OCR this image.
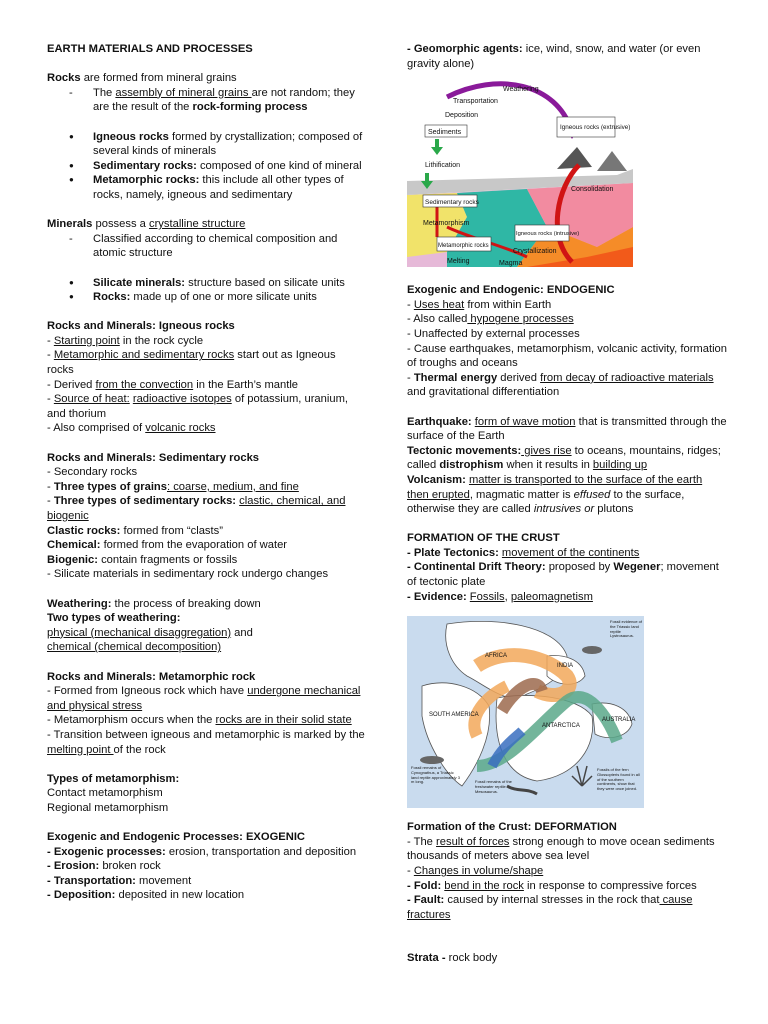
EARTH MATERIALS AND PROCESSES

Rocks are formed from mineral grains

- The assembly of mineral grains are not random; they are the result of the rock-forming process

● Igneous rocks formed by crystallization; composed of several kinds of minerals

● Sedimentary rocks: composed of one kind of mineral

● Metamorphic rocks: this include all other types of rocks, namely, igneous and sedimentary

Minerals possess a crystalline structure

- Classified according to chemical composition and atomic structure

● Silicate minerals: structure based on silicate units

● Rocks: made up of one or more silicate units

Rocks and Minerals: Igneous rocks

- Starting point in the rock cycle

- Metamorphic and sedimentary rocks start out as Igneous rocks

- Derived from the convection in the Earth’s mantle

- Source of heat: radioactive isotopes of potassium, uranium, and thorium

- Also comprised of volcanic rocks

Rocks and Minerals: Sedimentary rocks

- Secondary rocks

- Three types of grains: coarse, medium, and fine

- Three types of sedimentary rocks: clastic, chemical, and biogenic

Clastic rocks: formed from “clasts”

Chemical: formed from the evaporation of water

Biogenic: contain fragments or fossils

- Silicate materials in sedimentary rock undergo changes

Weathering: the process of breaking down

Two types of weathering:

physical (mechanical disaggregation) and

chemical (chemical decomposition)

Rocks and Minerals: Metamorphic rock

- Formed from Igneous rock which have undergone mechanical and physical stress

- Metamorphism occurs when the rocks are in their solid state

- Transition between igneous and metamorphic is marked by the melting point of the rock

Types of metamorphism:

Contact metamorphism

Regional metamorphism

Exogenic and Endogenic Processes: EXOGENIC

- Exogenic processes: erosion, transportation and deposition

- Erosion: broken rock

- Transportation: movement

- Deposition: deposited in new location

- Geomorphic agents: ice, wind, snow, and water (or even gravity alone)

Weathering
Transportation
Deposition
Sediments
Igneous rocks (extrusive)
Lithification
Sedimentary rocks
Consolidation
Metamorphism
Igneous rocks (intrusive)
Metamorphic rocks
Crystallization
Melting	Magma

Exogenic and Endogenic: ENDOGENIC

- Uses heat from within Earth

- Also called hypogene processes

- Unaffected by external processes

- Cause earthquakes, metamorphism, volcanic activity, formation of troughs and oceans

- Thermal energy derived from decay of radioactive materials and gravitational differentiation

Earthquake: form of wave motion that is transmitted through the surface of the Earth

Tectonic movements: gives rise to oceans, mountains, ridges; called distrophism when it results in building up

Volcanism: matter is transported to the surface of the earth then erupted, magmatic matter is effused to the surface, otherwise they are called intrusives or plutons

FORMATION OF THE CRUST

- Plate Tectonics: movement of the continents

- Continental Drift Theory: proposed by Wegener; movement of tectonic plate

- Evidence: Fossils, paleomagnetism

AFRICA
INDIA
SOUTH AMERICA
ANTARCTICA
AUSTRALIA
Fossil evidence of the Triassic land reptile Lystrosaurus.
Fossil remains of Cynognathus, a Triassic land reptile approximately 3 m long.	Fossil remains of the freshwater reptile Mesosaurus.
Fossils of the fern Glossopteris found in all of the southern continents, show that they were once joined.

Formation of the Crust: DEFORMATION

- The result of forces strong enough to move ocean sediments thousands of meters above sea level

- Changes in volume/shape

- Fold: bend in the rock in response to compressive forces

- Fault: caused by internal stresses in the rock that cause fractures

Strata - rock body
